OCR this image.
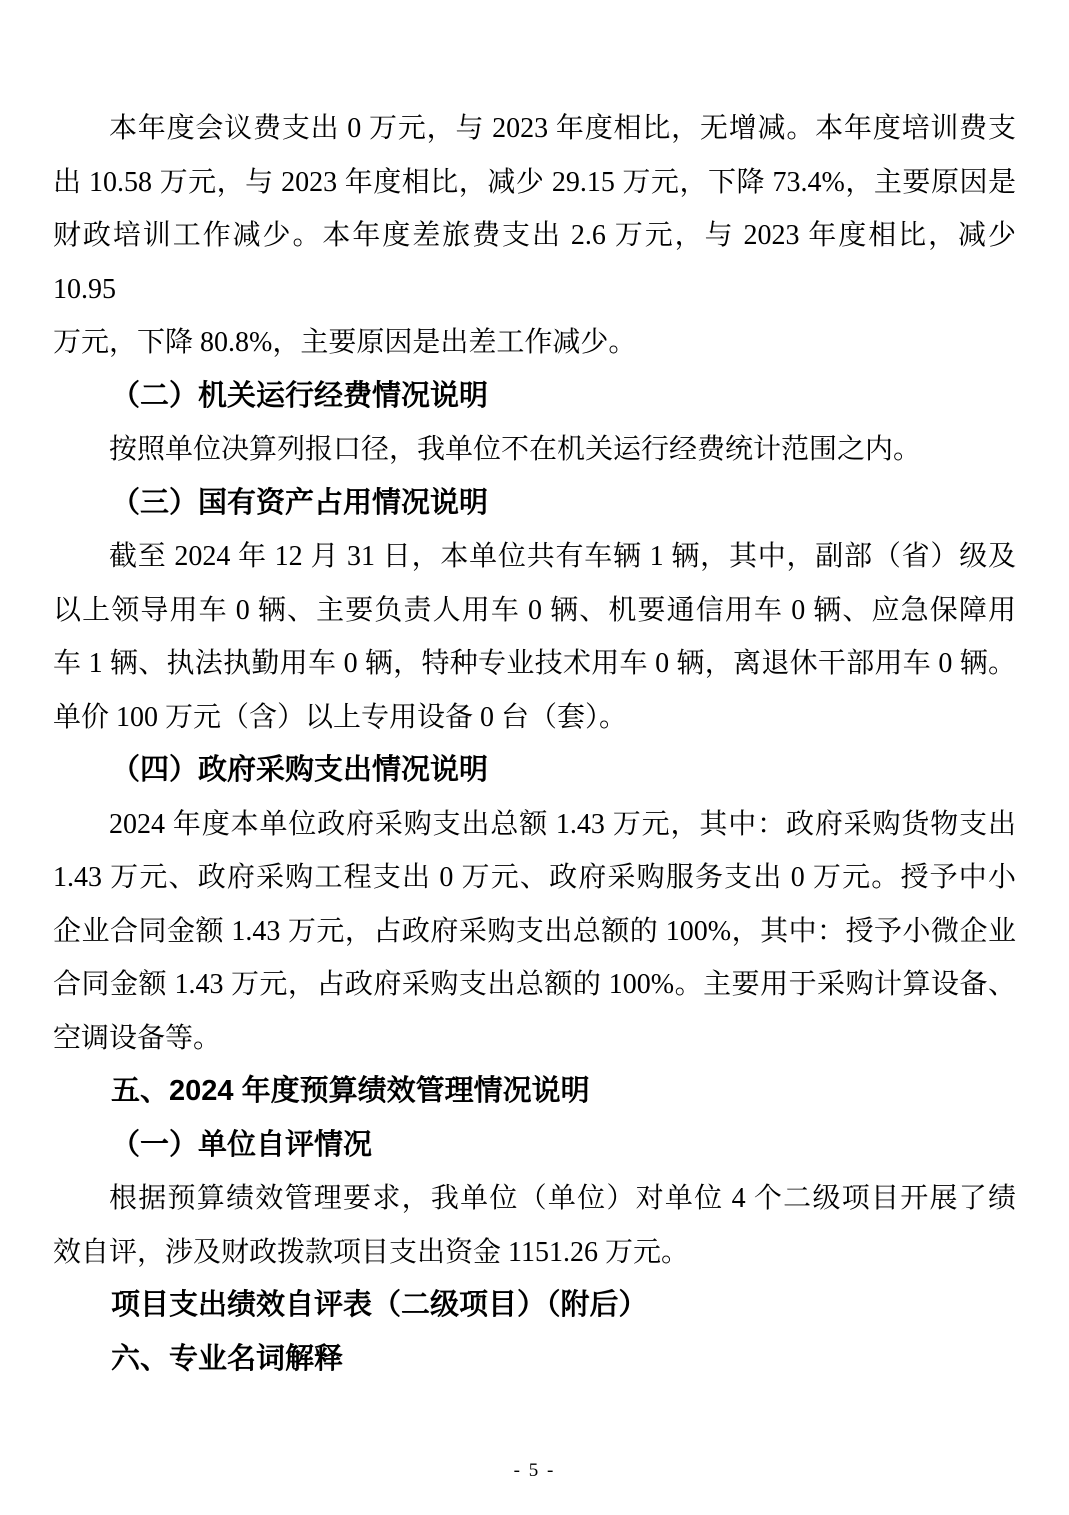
本年度会议费支出 0 万元，与 2023 年度相比，无增减。本年度培训费支
出 10.58 万元，与 2023 年度相比，减少 29.15 万元，下降 73.4%，主要原因是
财政培训工作减少。本年度差旅费支出 2.6 万元，与 2023 年度相比，减少 10.95
万元，下降 80.8%，主要原因是出差工作减少。
（二）机关运行经费情况说明
按照单位决算列报口径，我单位不在机关运行经费统计范围之内。
（三）国有资产占用情况说明
截至 2024 年 12 月 31 日，本单位共有车辆 1 辆，其中，副部（省）级及
以上领导用车 0 辆、主要负责人用车 0 辆、机要通信用车 0 辆、应急保障用
车 1 辆、执法执勤用车 0 辆，特种专业技术用车 0 辆，离退休干部用车 0 辆。
单价 100 万元（含）以上专用设备 0 台（套）。
（四）政府采购支出情况说明
2024 年度本单位政府采购支出总额 1.43 万元，其中：政府采购货物支出
1.43 万元、政府采购工程支出 0 万元、政府采购服务支出 0 万元。授予中小
企业合同金额 1.43 万元，占政府采购支出总额的 100%，其中：授予小微企业
合同金额 1.43 万元，占政府采购支出总额的 100%。主要用于采购计算设备、
空调设备等。
五、2024 年度预算绩效管理情况说明
（一）单位自评情况
根据预算绩效管理要求，我单位（单位）对单位 4 个二级项目开展了绩
效自评，涉及财政拨款项目支出资金 1151.26 万元。
项目支出绩效自评表（二级项目）（附后）
六、专业名词解释
- 5 -
